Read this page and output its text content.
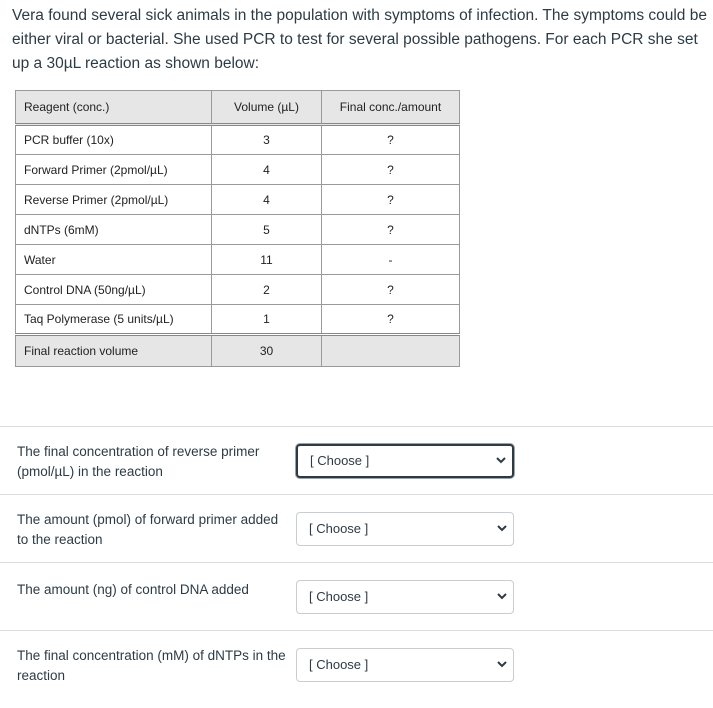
Vera found several sick animals in the population with symptoms of infection. The symptoms could be either viral or bacterial. She used PCR to test for several possible pathogens. For each PCR she set up a 30µL reaction as shown below:
Reagent (conc.)	Volume (µL)	Final conc./amount
PCR buffer (10x)	3	?
Forward Primer (2pmol/µL)	4	?
Reverse Primer (2pmol/µL)	4	?
dNTPs (6mM)	5	?
Water	11	-
Control DNA (50ng/µL)	2	?
Taq Polymerase (5 units/µL)	1	?
Final reaction volume	30	
The final concentration of reverse primer (pmol/µL) in the reaction
[ Choose ]
The amount (pmol) of forward primer added to the reaction
[ Choose ]
The amount (ng) of control DNA added	[ Choose ]
The final concentration (mM) of dNTPs in the reaction
[ Choose ]
